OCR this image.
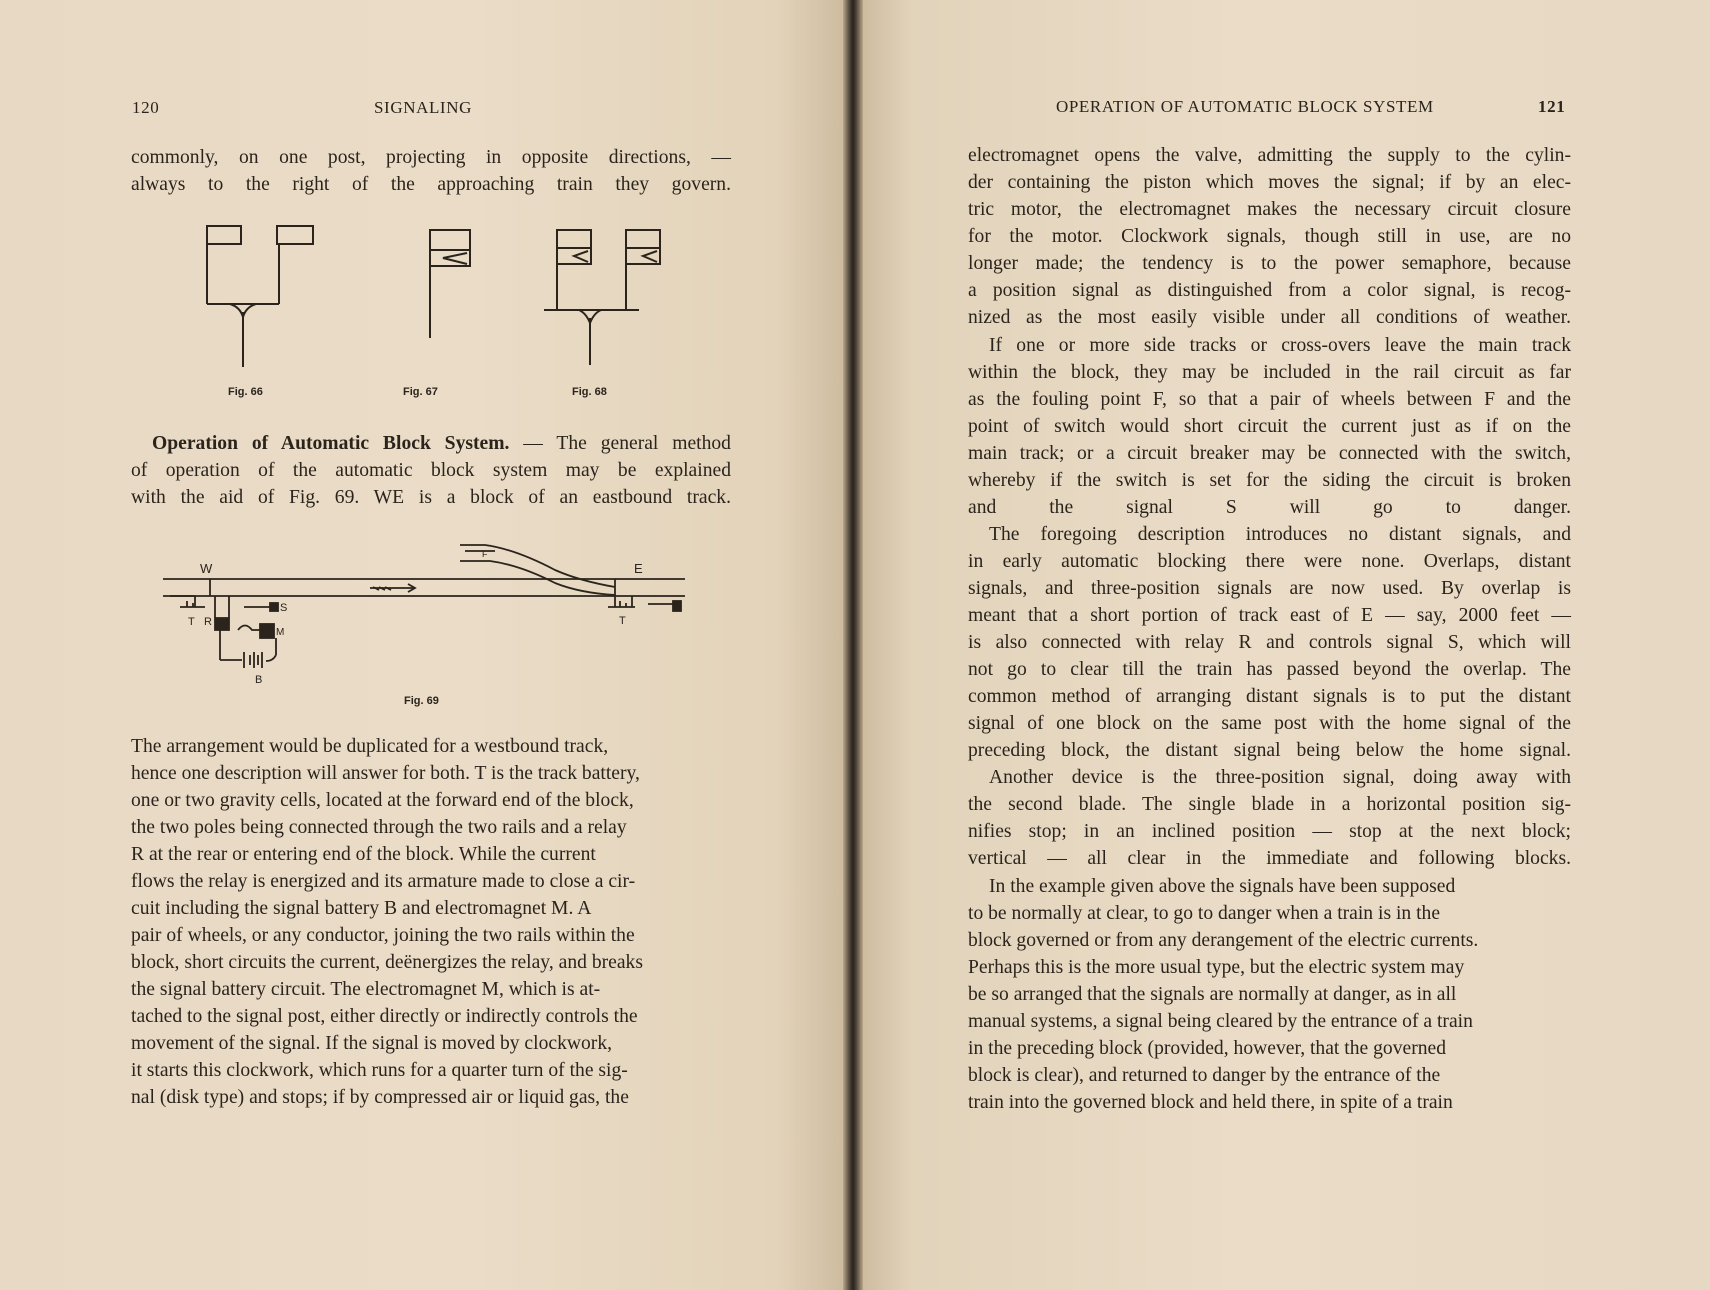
120	SIGNALING
commonly, on one post, projecting in opposite directions, —
always to the right of the approaching train they govern.
Fig. 66	Fig. 67	Fig. 68
Operation of Automatic Block System. — The general method
of operation of the automatic block system may be explained
with the aid of Fig. 69. WE is a block of an eastbound track.
W	E
F
T R
S
M
B
T
Fig. 69
The arrangement would be duplicated for a westbound track,
hence one description will answer for both. T is the track battery,
one or two gravity cells, located at the forward end of the block,
the two poles being connected through the two rails and a relay
R at the rear or entering end of the block. While the current
flows the relay is energized and its armature made to close a cir-
cuit including the signal battery B and electromagnet M. A
pair of wheels, or any conductor, joining the two rails within the
block, short circuits the current, deënergizes the relay, and breaks
the signal battery circuit. The electromagnet M, which is at-
tached to the signal post, either directly or indirectly controls the
movement of the signal. If the signal is moved by clockwork,
it starts this clockwork, which runs for a quarter turn of the sig-
nal (disk type) and stops; if by compressed air or liquid gas, the
OPERATION OF AUTOMATIC BLOCK SYSTEM	121
electromagnet opens the valve, admitting the supply to the cylin-
der containing the piston which moves the signal; if by an elec-
tric motor, the electromagnet makes the necessary circuit closure
for the motor. Clockwork signals, though still in use, are no
longer made; the tendency is to the power semaphore, because
a position signal as distinguished from a color signal, is recog-
nized as the most easily visible under all conditions of weather.
If one or more side tracks or cross-overs leave the main track
within the block, they may be included in the rail circuit as far
as the fouling point F, so that a pair of wheels between F and the
point of switch would short circuit the current just as if on the
main track; or a circuit breaker may be connected with the switch,
whereby if the switch is set for the siding the circuit is broken
and the signal S will go to danger.
The foregoing description introduces no distant signals, and
in early automatic blocking there were none. Overlaps, distant
signals, and three-position signals are now used. By overlap is
meant that a short portion of track east of E — say, 2000 feet —
is also connected with relay R and controls signal S, which will
not go to clear till the train has passed beyond the overlap. The
common method of arranging distant signals is to put the distant
signal of one block on the same post with the home signal of the
preceding block, the distant signal being below the home signal.
Another device is the three-position signal, doing away with
the second blade. The single blade in a horizontal position sig-
nifies stop; in an inclined position — stop at the next block;
vertical — all clear in the immediate and following blocks.
In the example given above the signals have been supposed
to be normally at clear, to go to danger when a train is in the
block governed or from any derangement of the electric currents.
Perhaps this is the more usual type, but the electric system may
be so arranged that the signals are normally at danger, as in all
manual systems, a signal being cleared by the entrance of a train
in the preceding block (provided, however, that the governed
block is clear), and returned to danger by the entrance of the
train into the governed block and held there, in spite of a train
